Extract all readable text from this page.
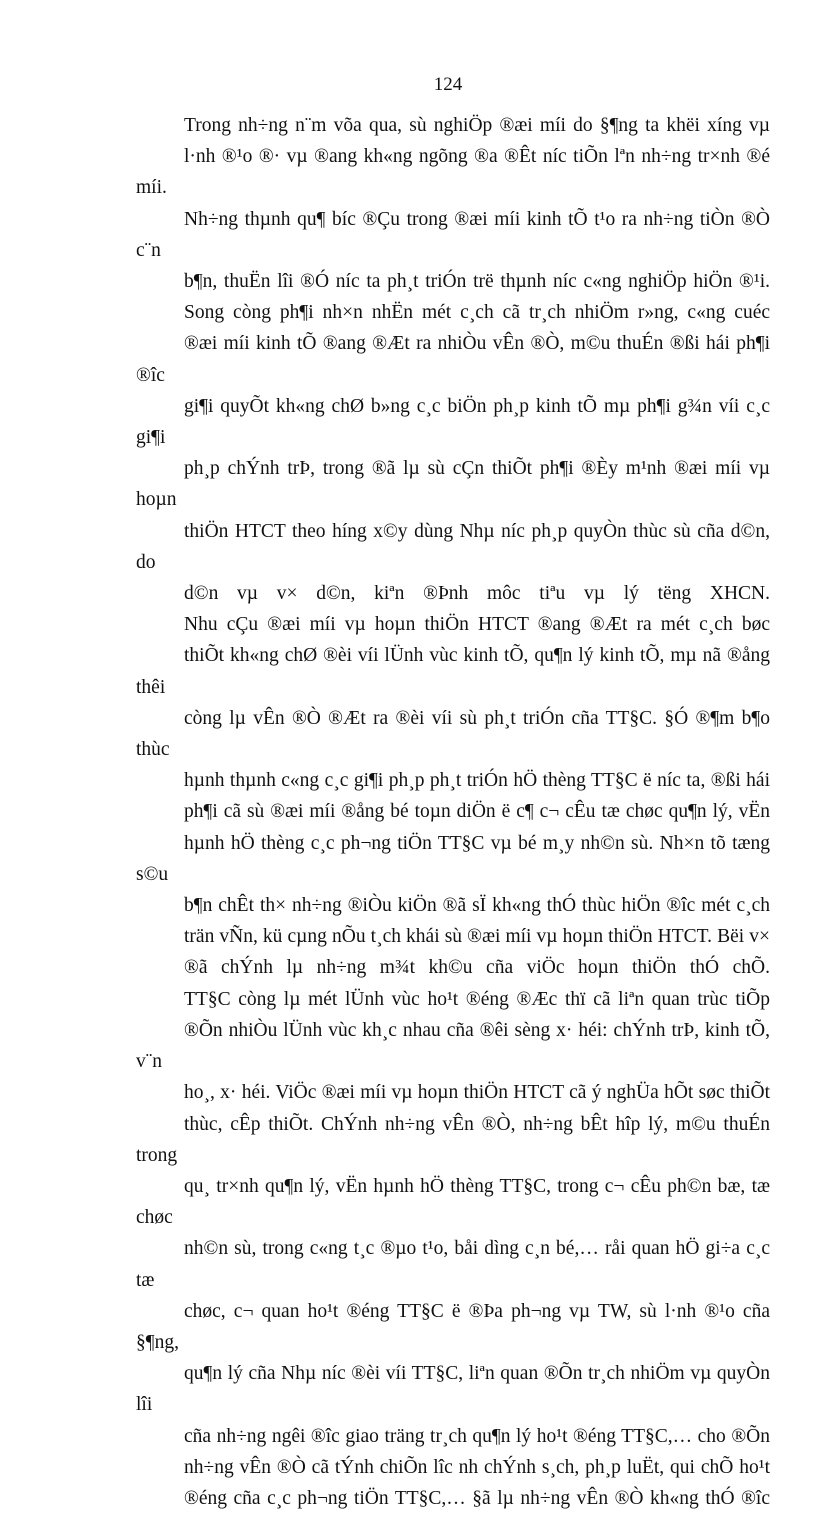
124

Trong nh÷ng n¨m võa qua, sù nghiÖp ®æi míi do §¶ng ta khëi xíng vµ
l·nh ®¹o ®· vµ ®ang kh«ng ngõng ®a ®Êt níc tiÕn lªn nh÷ng tr×nh ®é míi.
Nh÷ng thµnh qu¶ bíc ®Çu trong ®æi míi kinh tÕ t¹o ra nh÷ng tiÒn ®Ò c¨n
b¶n, thuËn lîi ®Ó níc ta ph¸t triÓn trë thµnh níc c«ng nghiÖp hiÖn ®¹i.

Song còng ph¶i nh×n nhËn mét c¸ch cã tr¸ch nhiÖm r»ng, c«ng cuéc
®æi míi kinh tÕ ®ang ®Æt ra nhiÒu vÊn ®Ò, m©u thuÉn ®ßi hái ph¶i ®îc
gi¶i quyÕt kh«ng chØ b»ng c¸c biÖn ph¸p kinh tÕ mµ ph¶i g¾n víi c¸c gi¶i
ph¸p chÝnh trÞ, trong ®ã lµ sù cÇn thiÕt ph¶i ®Èy m¹nh ®æi míi vµ hoµn
thiÖn HTCT theo híng x©y dùng Nhµ níc ph¸p quyÒn thùc sù cña d©n, do
d©n vµ v× d©n, kiªn ®Þnh môc tiªu vµ lý tëng XHCN.

Nhu cÇu ®æi míi vµ hoµn thiÖn HTCT ®ang ®Æt ra mét c¸ch bøc
thiÕt kh«ng chØ ®èi víi lÜnh vùc kinh tÕ, qu¶n lý kinh tÕ, mµ nã ®ång thêi
còng lµ vÊn ®Ò ®Æt ra ®èi víi sù ph¸t triÓn cña TT§C. §Ó ®¶m b¶o thùc
hµnh thµnh c«ng c¸c gi¶i ph¸p ph¸t triÓn hÖ thèng TT§C ë níc ta, ®ßi hái
ph¶i cã sù ®æi míi ®ång bé toµn diÖn ë c¶ c¬ cÊu tæ chøc qu¶n lý, vËn
hµnh hÖ thèng c¸c ph¬ng tiÖn TT§C vµ bé m¸y nh©n sù. Nh×n tõ tæng s©u
b¶n chÊt th× nh÷ng ®iÒu kiÖn ®ã sÏ kh«ng thÓ thùc hiÖn ®îc mét c¸ch
trän vÑn, kü cµng nÕu t¸ch khái sù ®æi míi vµ hoµn thiÖn HTCT. Bëi v×
®ã chÝnh lµ nh÷ng m¾t kh©u cña viÖc hoµn thiÖn thÓ chÕ.

TT§C còng lµ mét lÜnh vùc ho¹t ®éng ®Æc thï cã liªn quan trùc tiÕp
®Õn nhiÒu lÜnh vùc kh¸c nhau cña ®êi sèng x· héi: chÝnh trÞ, kinh tÕ, v¨n
ho¸, x· héi. ViÖc ®æi míi vµ hoµn thiÖn HTCT cã ý nghÜa hÕt søc thiÕt
thùc, cÊp thiÕt. ChÝnh nh÷ng vÊn ®Ò, nh÷ng bÊt hîp lý, m©u thuÉn trong
qu¸ tr×nh qu¶n lý, vËn hµnh hÖ thèng TT§C, trong c¬ cÊu ph©n bæ, tæ chøc
nh©n sù, trong c«ng t¸c ®µo t¹o, båi dìng c¸n bé,… råi quan hÖ gi÷a c¸c tæ
chøc, c¬ quan ho¹t ®éng TT§C ë ®Þa ph¬ng vµ TW, sù l·nh ®¹o cña §¶ng,
qu¶n lý cña Nhµ níc ®èi víi TT§C, liªn quan ®Õn tr¸ch nhiÖm vµ quyÒn lîi
cña nh÷ng ngêi ®îc giao träng tr¸ch qu¶n lý ho¹t ®éng TT§C,… cho ®Õn
nh÷ng vÊn ®Ò cã tÝnh chiÕn lîc nh chÝnh s¸ch, ph¸p luËt, qui chÕ ho¹t
®éng cña c¸c ph¬ng tiÖn TT§C,… §ã lµ nh÷ng vÊn ®Ò kh«ng thÓ ®îc
